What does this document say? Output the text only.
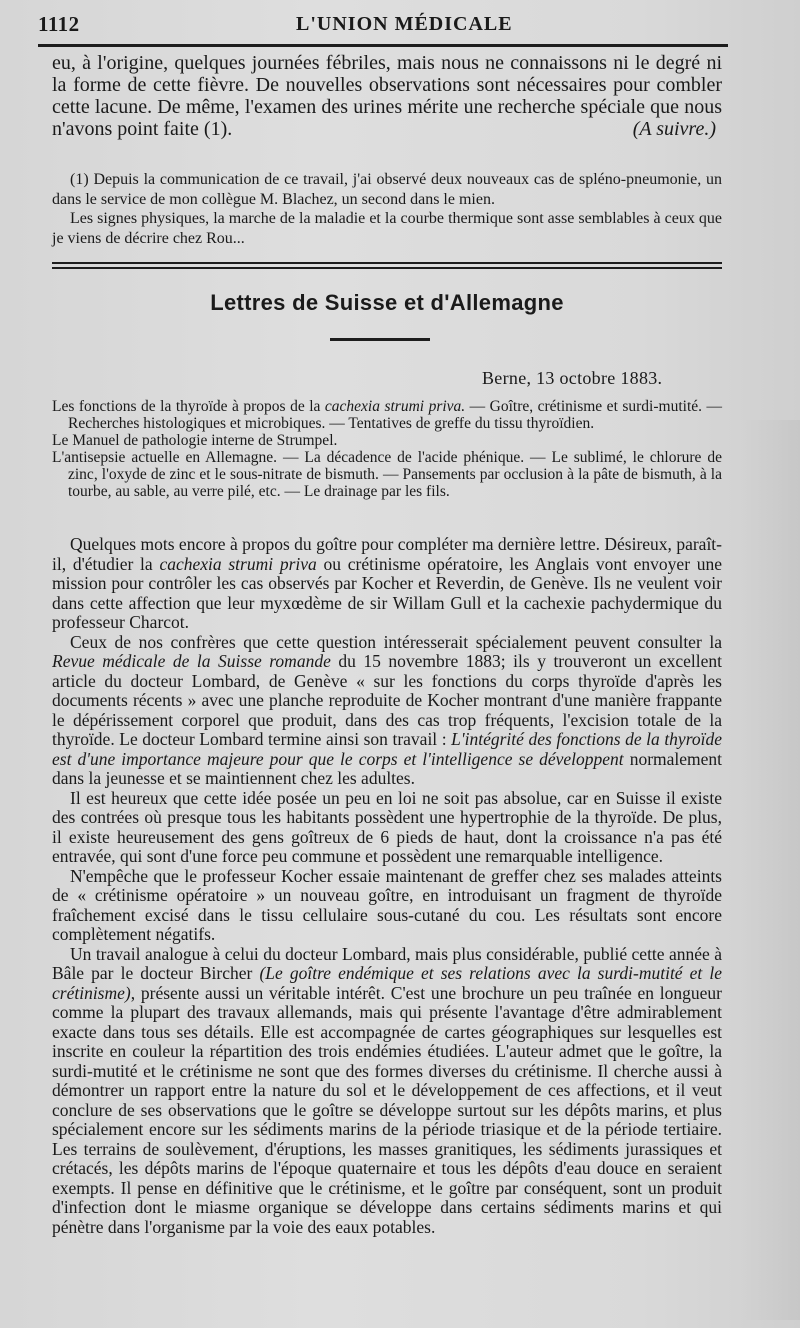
1112	L'UNION MÉDICALE
eu, à l'origine, quelques journées fébriles, mais nous ne connaissons ni le degré ni la forme de cette fièvre. De nouvelles observations sont nécessaires pour combler cette lacune. De même, l'examen des urines mérite une recherche spéciale que nous n'avons point faite (1).	(A suivre.)

(1) Depuis la communication de ce travail, j'ai observé deux nouveaux cas de spléno-pneumonie, un dans le service de mon collègue M. Blachez, un second dans le mien.

Les signes physiques, la marche de la maladie et la courbe thermique sont asse semblables à ceux que je viens de décrire chez Rou...

Lettres de Suisse et d'Allemagne
Berne, 13 octobre 1883.

Les fonctions de la thyroïde à propos de la cachexia strumi priva. — Goître, crétinisme et surdi-mutité. — Recherches histologiques et microbiques. — Tentatives de greffe du tissu thyroïdien.

Le Manuel de pathologie interne de Strumpel.

L'antisepsie actuelle en Allemagne. — La décadence de l'acide phénique. — Le sublimé, le chlorure de zinc, l'oxyde de zinc et le sous-nitrate de bismuth. — Pansements par occlusion à la pâte de bismuth, à la tourbe, au sable, au verre pilé, etc. — Le drainage par les fils.

Quelques mots encore à propos du goître pour compléter ma dernière lettre. Désireux, paraît-il, d'étudier la cachexia strumi priva ou crétinisme opératoire, les Anglais vont envoyer une mission pour contrôler les cas observés par Kocher et Reverdin, de Genève. Ils ne veulent voir dans cette affection que leur myxœdème de sir Willam Gull et la cachexie pachydermique du professeur Charcot.

Ceux de nos confrères que cette question intéresserait spécialement peuvent consulter la Revue médicale de la Suisse romande du 15 novembre 1883; ils y trouveront un excellent article du docteur Lombard, de Genève « sur les fonctions du corps thyroïde d'après les documents récents » avec une planche reproduite de Kocher montrant d'une manière frappante le dépérissement corporel que produit, dans des cas trop fréquents, l'excision totale de la thyroïde. Le docteur Lombard termine ainsi son travail : L'intégrité des fonctions de la thyroïde est d'une importance majeure pour que le corps et l'intelligence se développent normalement dans la jeunesse et se maintiennent chez les adultes.

Il est heureux que cette idée posée un peu en loi ne soit pas absolue, car en Suisse il existe des contrées où presque tous les habitants possèdent une hypertrophie de la thyroïde. De plus, il existe heureusement des gens goîtreux de 6 pieds de haut, dont la croissance n'a pas été entravée, qui sont d'une force peu commune et possèdent une remarquable intelligence.

N'empêche que le professeur Kocher essaie maintenant de greffer chez ses malades atteints de « crétinisme opératoire » un nouveau goître, en introduisant un fragment de thyroïde fraîchement excisé dans le tissu cellulaire sous-cutané du cou. Les résultats sont encore complètement négatifs.

Un travail analogue à celui du docteur Lombard, mais plus considérable, publié cette année à Bâle par le docteur Bircher (Le goître endémique et ses relations avec la surdi-mutité et le crétinisme), présente aussi un véritable intérêt. C'est une brochure un peu traînée en longueur comme la plupart des travaux allemands, mais qui présente l'avantage d'être admirablement exacte dans tous ses détails. Elle est accompagnée de cartes géographiques sur lesquelles est inscrite en couleur la répartition des trois endémies étudiées. L'auteur admet que le goître, la surdi-mutité et le crétinisme ne sont que des formes diverses du crétinisme. Il cherche aussi à démontrer un rapport entre la nature du sol et le développement de ces affections, et il veut conclure de ses observations que le goître se développe surtout sur les dépôts marins, et plus spécialement encore sur les sédiments marins de la période triasique et de la période tertiaire. Les terrains de soulèvement, d'éruptions, les masses granitiques, les sédiments jurassiques et crétacés, les dépôts marins de l'époque quaternaire et tous les dépôts d'eau douce en seraient exempts. Il pense en définitive que le crétinisme, et le goître par conséquent, sont un produit d'infection dont le miasme organique se développe dans certains sédiments marins et qui pénètre dans l'organisme par la voie des eaux potables.
